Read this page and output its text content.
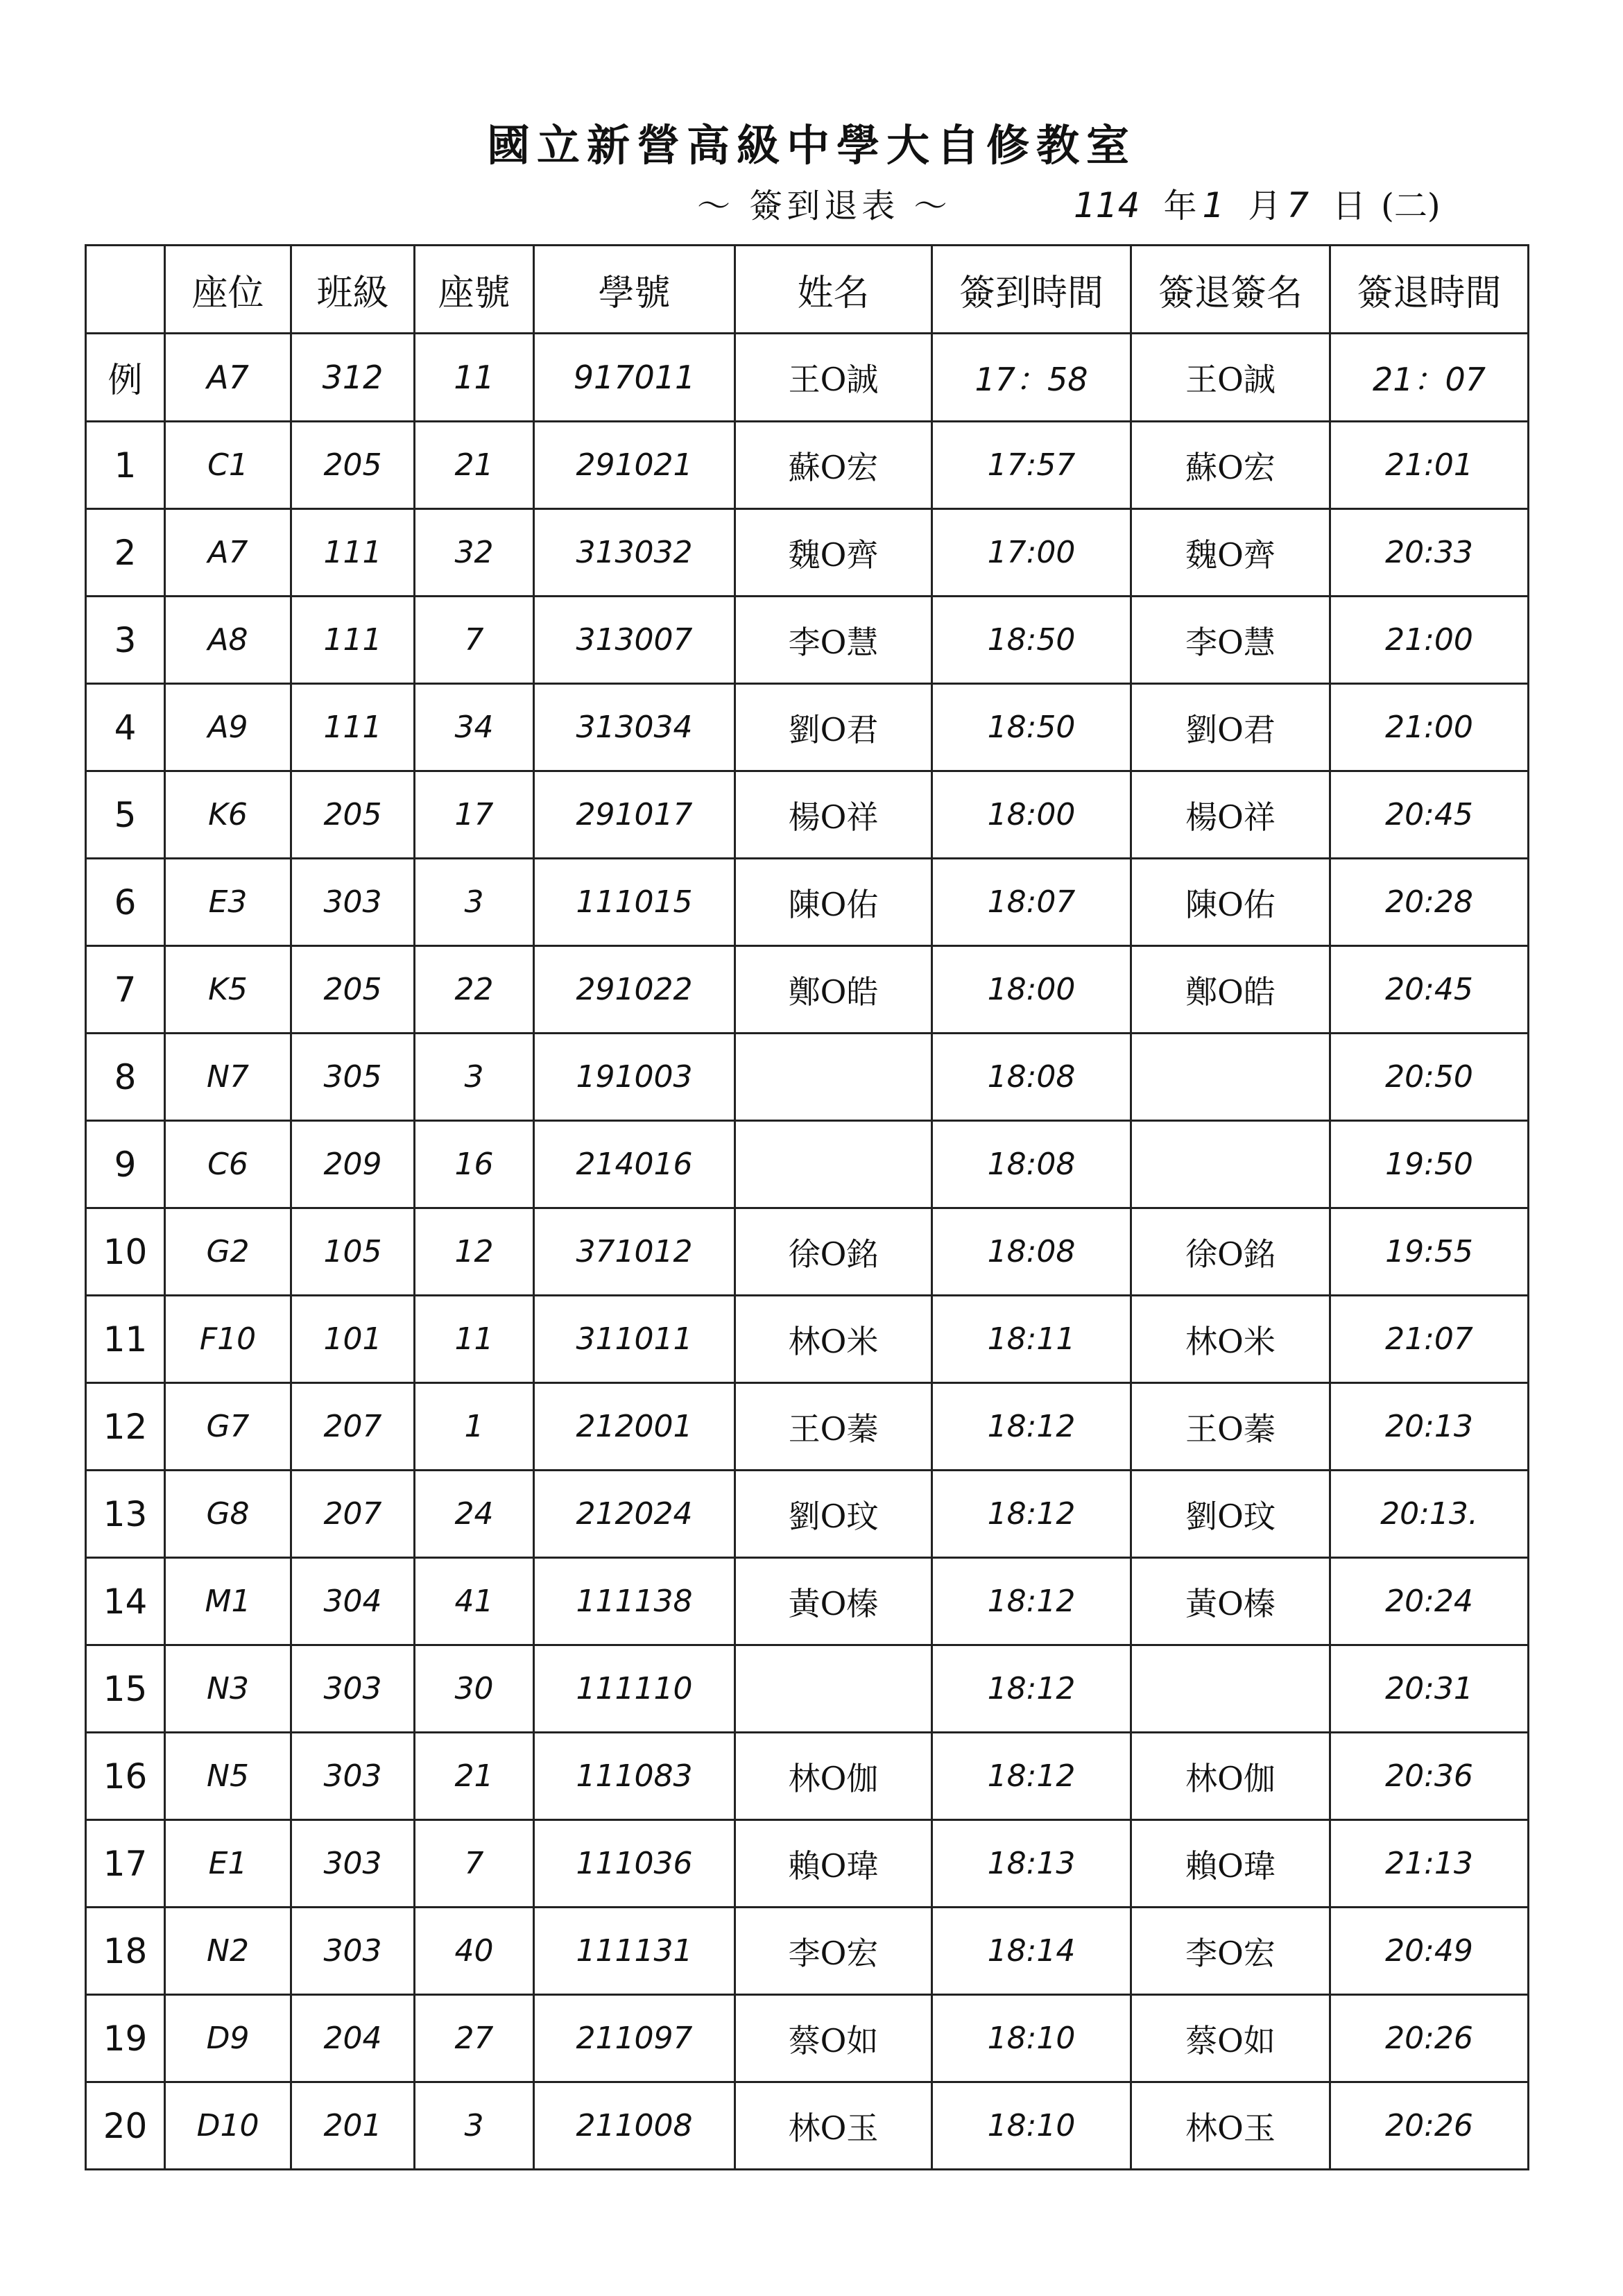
國立新營高級中學大自修教室
～ 簽到退表 ～	114 年 1 月 7 日 (二)
	座位	班級	座號	學號	姓名	簽到時間	簽退簽名	簽退時間
例	A7	312	11	917011	王O誠	17：58	王O誠	21：07
1	C1	205	21	291021	蘇O宏	17:57	蘇O宏	21:01
2	A7	111	32	313032	魏O齊	17:00	魏O齊	20:33
3	A8	111	7	313007	李O慧	18:50	李O慧	21:00
4	A9	111	34	313034	劉O君	18:50	劉O君	21:00
5	K6	205	17	291017	楊O祥	18:00	楊O祥	20:45
6	E3	303	3	111015	陳O佑	18:07	陳O佑	20:28
7	K5	205	22	291022	鄭O皓	18:00	鄭O皓	20:45
8	N7	305	3	191003		18:08		20:50
9	C6	209	16	214016		18:08		19:50
10	G2	105	12	371012	徐O銘	18:08	徐O銘	19:55
11	F10	101	11	311011	林O米	18:11	林O米	21:07
12	G7	207	1	212001	王O蓁	18:12	王O蓁	20:13
13	G8	207	24	212024	劉O玟	18:12	劉O玟	20:13.
14	M1	304	41	111138	黃O榛	18:12	黃O榛	20:24
15	N3	303	30	111110		18:12		20:31
16	N5	303	21	111083	林O伽	18:12	林O伽	20:36
17	E1	303	7	111036	賴O瑋	18:13	賴O瑋	21:13
18	N2	303	40	111131	李O宏	18:14	李O宏	20:49
19	D9	204	27	211097	蔡O如	18:10	蔡O如	20:26
20	D10	201	3	211008	林O玉	18:10	林O玉	20:26
